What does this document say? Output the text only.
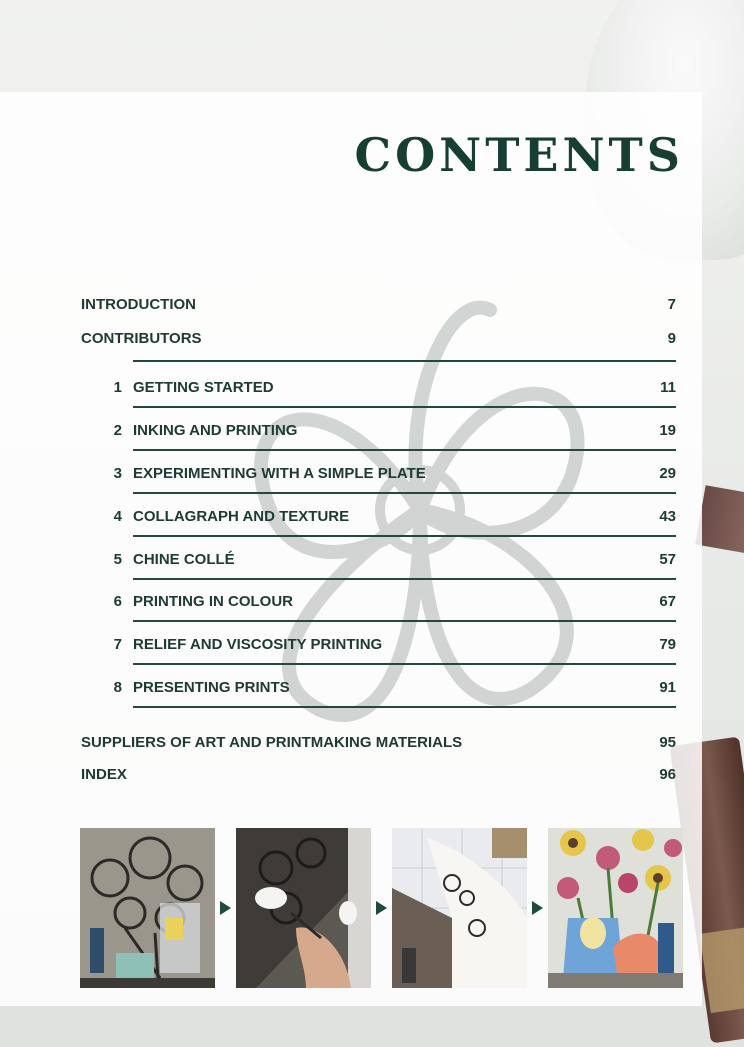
CONTENTS
INTRODUCTION	7
CONTRIBUTORS	9
1 GETTING STARTED	11
2 INKING AND PRINTING	19
3 EXPERIMENTING WITH A SIMPLE PLATE	29
4 COLLAGRAPH AND TEXTURE	43
5 CHINE COLLÉ	57
6 PRINTING IN COLOUR	67
7 RELIEF AND VISCOSITY PRINTING	79
8 PRESENTING PRINTS	91
SUPPLIERS OF ART AND PRINTMAKING MATERIALS	95
INDEX	96
